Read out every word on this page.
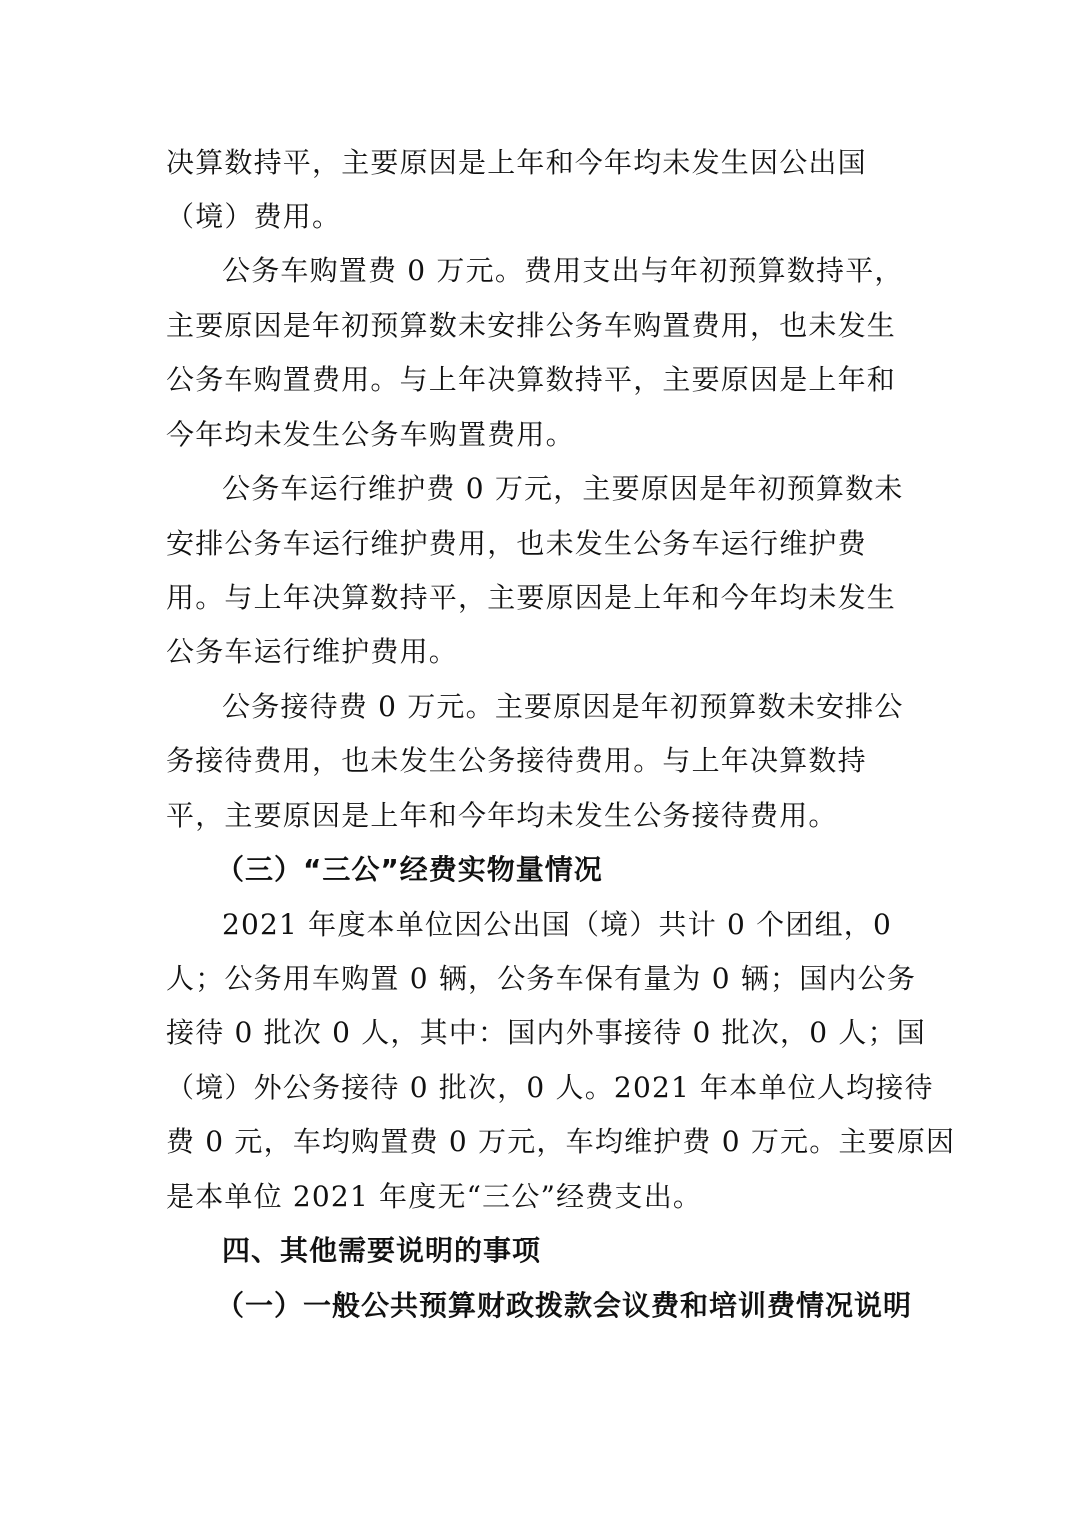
决算数持平，主要原因是上年和今年均未发生因公出国
（境）费用。
公务车购置费 0 万元。费用支出与年初预算数持平，
主要原因是年初预算数未安排公务车购置费用，也未发生
公务车购置费用。与上年决算数持平，主要原因是上年和
今年均未发生公务车购置费用。
公务车运行维护费 0 万元，主要原因是年初预算数未
安排公务车运行维护费用，也未发生公务车运行维护费
用。与上年决算数持平，主要原因是上年和今年均未发生
公务车运行维护费用。
公务接待费 0 万元。主要原因是年初预算数未安排公
务接待费用，也未发生公务接待费用。与上年决算数持
平，主要原因是上年和今年均未发生公务接待费用。
（三）“三公”经费实物量情况
2021 年度本单位因公出国（境）共计 0 个团组，0
人；公务用车购置 0 辆，公务车保有量为 0 辆；国内公务
接待 0 批次 0 人，其中：国内外事接待 0 批次，0 人；国
（境）外公务接待 0 批次，0 人。2021 年本单位人均接待
费 0 元，车均购置费 0 万元，车均维护费 0 万元。主要原因
是本单位 2021 年度无“三公”经费支出。
四、其他需要说明的事项
（一）一般公共预算财政拨款会议费和培训费情况说明
